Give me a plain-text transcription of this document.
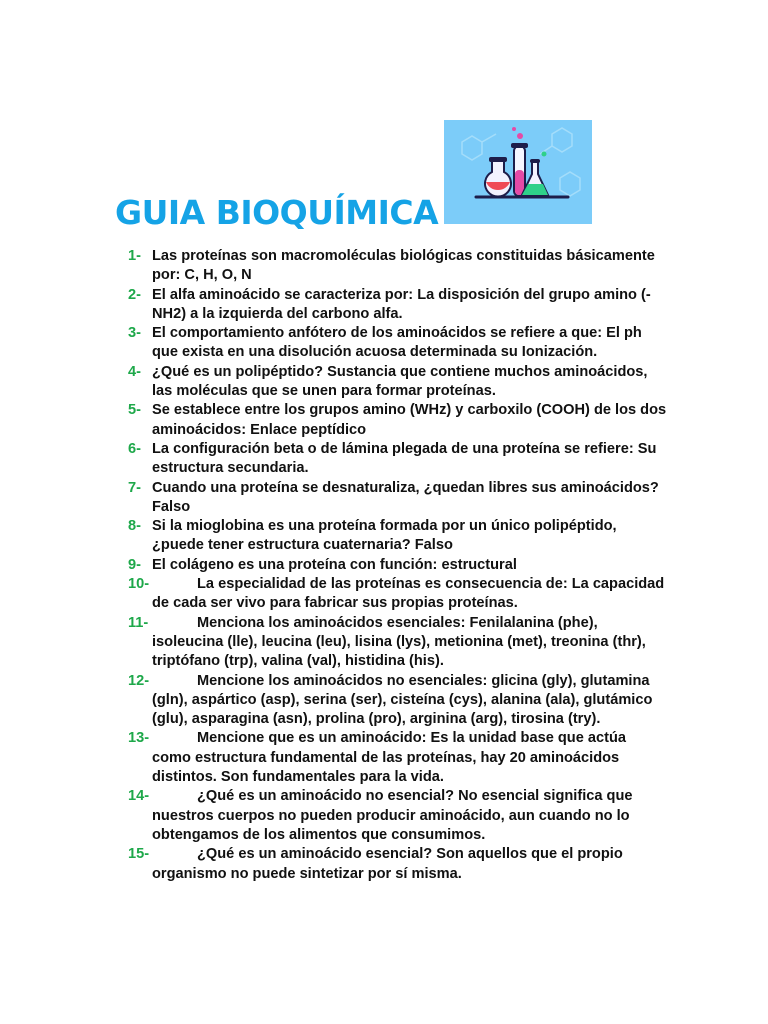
GUIA BIOQUÍMICA
1- Las proteínas son macromoléculas biológicas constituidas básicamente por: C, H, O, N
2- El alfa aminoácido se caracteriza por: La disposición del grupo amino (-NH2) a la izquierda del carbono alfa.
3- El comportamiento anfótero de los aminoácidos se refiere a que: El ph que exista en una disolución acuosa determinada su Ionización.
4- ¿Qué es un polipéptido? Sustancia que contiene muchos aminoácidos, las moléculas que se unen para formar proteínas.
5- Se establece entre los grupos amino (WHz) y carboxilo (COOH) de los dos aminoácidos: Enlace peptídico
6- La configuración beta o de lámina plegada de una proteína se refiere: Su estructura secundaria.
7- Cuando una proteína se desnaturaliza, ¿quedan libres sus aminoácidos? Falso
8- Si la mioglobina es una proteína formada por un único polipéptido, ¿puede tener estructura cuaternaria? Falso
9- El colágeno es una proteína con función: estructural
10-	La especialidad de las proteínas es consecuencia de: La capacidad de cada ser vivo para fabricar sus propias proteínas.
11-	Menciona los aminoácidos esenciales: Fenilalanina (phe), isoleucina (lle), leucina (leu), lisina (lys), metionina (met), treonina (thr), triptófano (trp), valina (val), histidina (his).
12-	Mencione los aminoácidos no esenciales: glicina (gly), glutamina (gln), aspártico (asp), serina (ser), cisteína (cys), alanina (ala), glutámico (glu), asparagina (asn), prolina (pro), arginina (arg), tirosina (try).
13-	Mencione que es un aminoácido: Es la unidad base que actúa como estructura fundamental de las proteínas, hay 20 aminoácidos distintos. Son fundamentales para la vida.
14-	¿Qué es un aminoácido no esencial? No esencial significa que nuestros cuerpos no pueden producir aminoácido, aun cuando no lo obtengamos de los alimentos que consumimos.
15-	¿Qué es un aminoácido esencial? Son aquellos que el propio organismo no puede sintetizar por sí misma.
